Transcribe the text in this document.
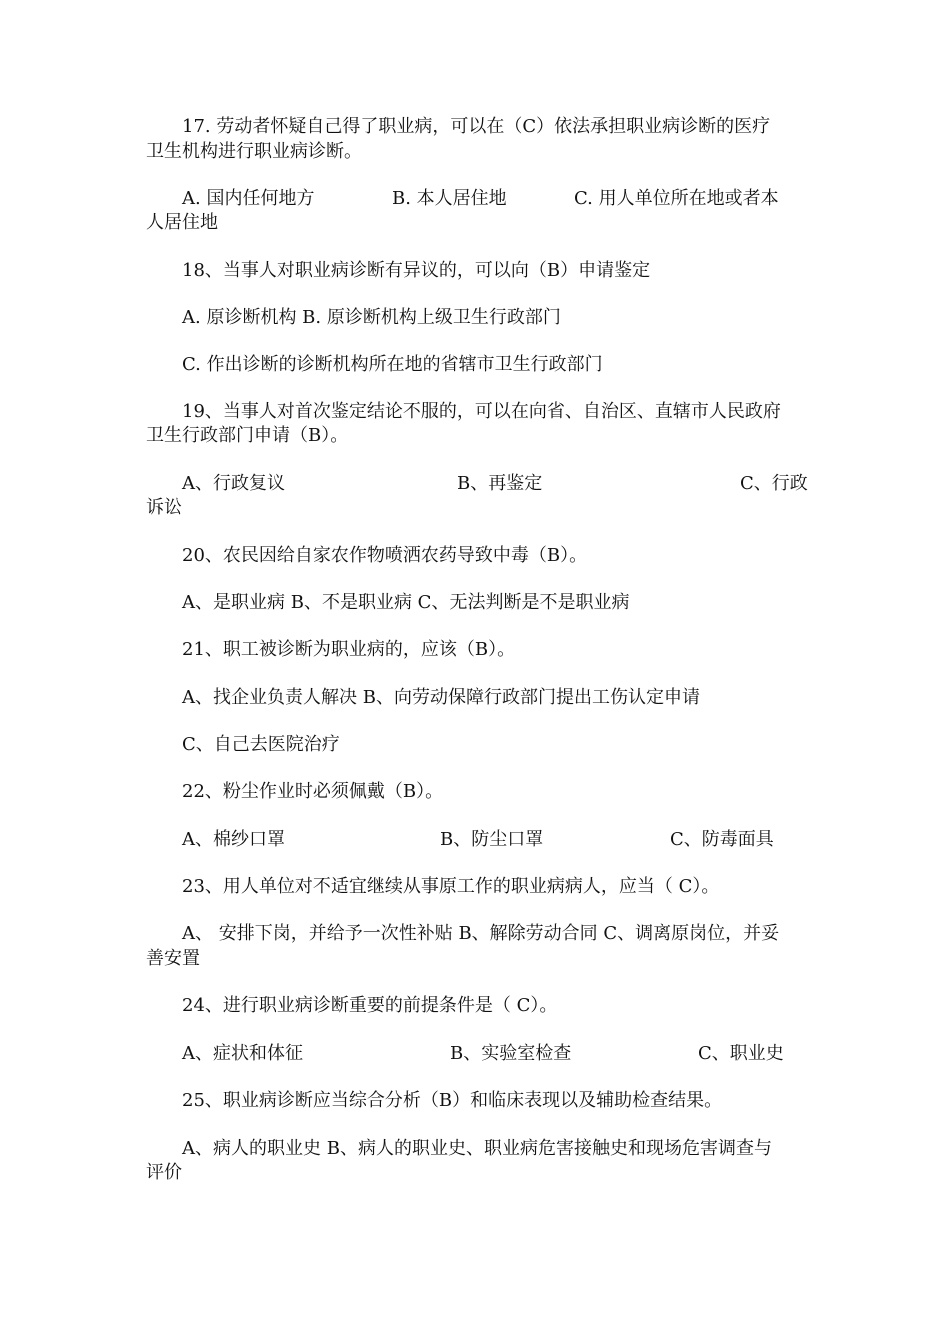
17. 劳动者怀疑自己得了职业病，可以在（C）依法承担职业病诊断的医疗
卫生机构进行职业病诊断。
A. 国内任何地方	B. 本人居住地	C. 用人单位所在地或者本
人居住地
18、当事人对职业病诊断有异议的，可以向（B）申请鉴定
A. 原诊断机构 B. 原诊断机构上级卫生行政部门
C. 作出诊断的诊断机构所在地的省辖市卫生行政部门
19、当事人对首次鉴定结论不服的，可以在向省、自治区、直辖市人民政府
卫生行政部门申请（B）。
A、行政复议	B、再鉴定	C、行政
诉讼
20、农民因给自家农作物喷洒农药导致中毒（B）。
A、是职业病 B、不是职业病 C、无法判断是不是职业病
21、职工被诊断为职业病的，应该（B）。
A、找企业负责人解决 B、向劳动保障行政部门提出工伤认定申请
C、自己去医院治疗
22、粉尘作业时必须佩戴（B）。
A、棉纱口罩	B、防尘口罩	C、防毒面具
23、用人单位对不适宜继续从事原工作的职业病病人，应当（ C）。
A、 安排下岗，并给予一次性补贴 B、解除劳动合同 C、调离原岗位，并妥
善安置
24、进行职业病诊断重要的前提条件是（ C）。
A、症状和体征	B、实验室检查	C、职业史
25、职业病诊断应当综合分析（B）和临床表现以及辅助检查结果。
A、病人的职业史 B、病人的职业史、职业病危害接触史和现场危害调查与
评价
